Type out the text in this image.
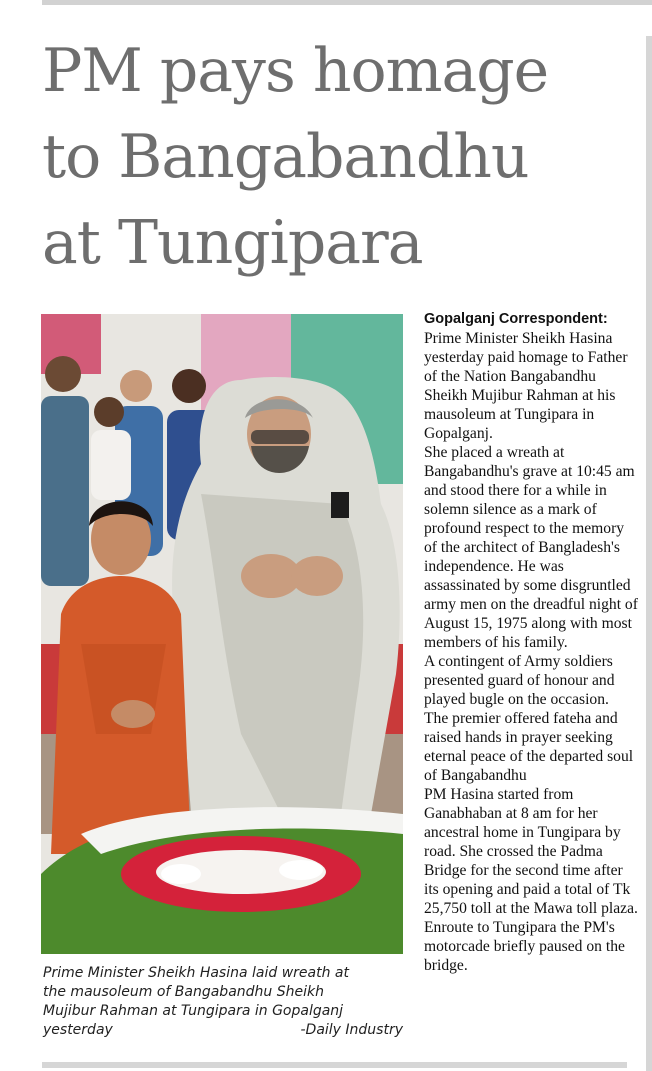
PM pays homage
to Bangabandhu
at Tungipara

Prime Minister Sheikh Hasina laid wreath at

the mausoleum of Bangabandhu Sheikh

Mujibur Rahman at Tungipara in Gopalganj

yesterday	-Daily Industry

Gopalganj Correspondent:

Prime Minister Sheikh Hasina yesterday paid homage to Father of the Nation Bangabandhu Sheikh Mujibur Rahman at his mausoleum at Tungipara in Gopalganj.

She placed a wreath at Bangabandhu's grave at 10:45 am and stood there for a while in solemn silence as a mark of profound respect to the memory of the architect of Bangladesh's independence. He was assassinated by some disgruntled army men on the dreadful night of August 15, 1975 along with most members of his family.

A contingent of Army soldiers presented guard of honour and played bugle on the occasion.

The premier offered fateha and raised hands in prayer seeking eternal peace of the departed soul of Bangabandhu

PM Hasina started from Ganabhaban at 8 am for her ancestral home in Tungipara by road. She crossed the Padma Bridge for the second time after its opening and paid a total of Tk 25,750 toll at the Mawa toll plaza. Enroute to Tungipara the PM's motorcade briefly paused on the bridge.
